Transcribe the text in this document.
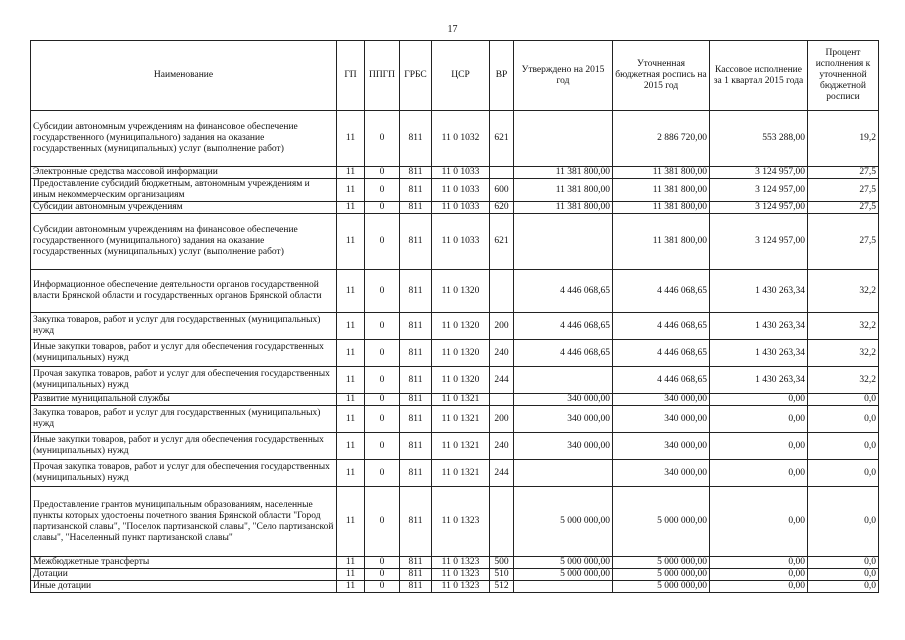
17
Наименование	ГП	ППГП	ГРБС	ЦСР	ВР	Утверждено на 2015 год	Уточненная бюджетная роспись на 2015 год	Кассовое исполнение за 1 квартал 2015 года	Процент исполнения к уточненной бюджетной росписи
Субсидии автономным учреждениям на финансовое обеспечение государственного (муниципального) задания на оказание государственных (муниципальных) услуг (выполнение работ)	11	0	811	11 0 1032	621		2 886 720,00	553 288,00	19,2
Электронные средства массовой информации	11	0	811	11 0 1033		11 381 800,00	11 381 800,00	3 124 957,00	27,5
Предоставление субсидий бюджетным, автономным учреждениям и иным некоммерческим организациям	11	0	811	11 0 1033	600	11 381 800,00	11 381 800,00	3 124 957,00	27,5
Субсидии автономным учреждениям	11	0	811	11 0 1033	620	11 381 800,00	11 381 800,00	3 124 957,00	27,5
Субсидии автономным учреждениям на финансовое обеспечение государственного (муниципального) задания на оказание государственных (муниципальных) услуг (выполнение работ)	11	0	811	11 0 1033	621		11 381 800,00	3 124 957,00	27,5
Информационное обеспечение деятельности органов государственной власти Брянской области и государственных органов Брянской области	11	0	811	11 0 1320		4 446 068,65	4 446 068,65	1 430 263,34	32,2
Закупка товаров, работ и услуг для государственных (муниципальных) нужд	11	0	811	11 0 1320	200	4 446 068,65	4 446 068,65	1 430 263,34	32,2
Иные закупки товаров, работ и услуг для обеспечения государственных (муниципальных) нужд	11	0	811	11 0 1320	240	4 446 068,65	4 446 068,65	1 430 263,34	32,2
Прочая закупка товаров, работ и услуг для обеспечения государственных (муниципальных) нужд	11	0	811	11 0 1320	244		4 446 068,65	1 430 263,34	32,2
Развитие муниципальной службы	11	0	811	11 0 1321		340 000,00	340 000,00	0,00	0,0
Закупка товаров, работ и услуг для государственных (муниципальных) нужд	11	0	811	11 0 1321	200	340 000,00	340 000,00	0,00	0,0
Иные закупки товаров, работ и услуг для обеспечения государственных (муниципальных) нужд	11	0	811	11 0 1321	240	340 000,00	340 000,00	0,00	0,0
Прочая закупка товаров, работ и услуг для обеспечения государственных (муниципальных) нужд	11	0	811	11 0 1321	244		340 000,00	0,00	0,0
Предоставление грантов муниципальным образованиям, населенные пункты которых удостоены почетного звания Брянской области "Город партизанской славы", "Поселок партизанской славы", "Село партизанской славы", "Населенный пункт партизанской славы"	11	0	811	11 0 1323		5 000 000,00	5 000 000,00	0,00	0,0
Межбюджетные трансферты	11	0	811	11 0 1323	500	5 000 000,00	5 000 000,00	0,00	0,0
Дотации	11	0	811	11 0 1323	510	5 000 000,00	5 000 000,00	0,00	0,0
Иные дотации	11	0	811	11 0 1323	512		5 000 000,00	0,00	0,0
